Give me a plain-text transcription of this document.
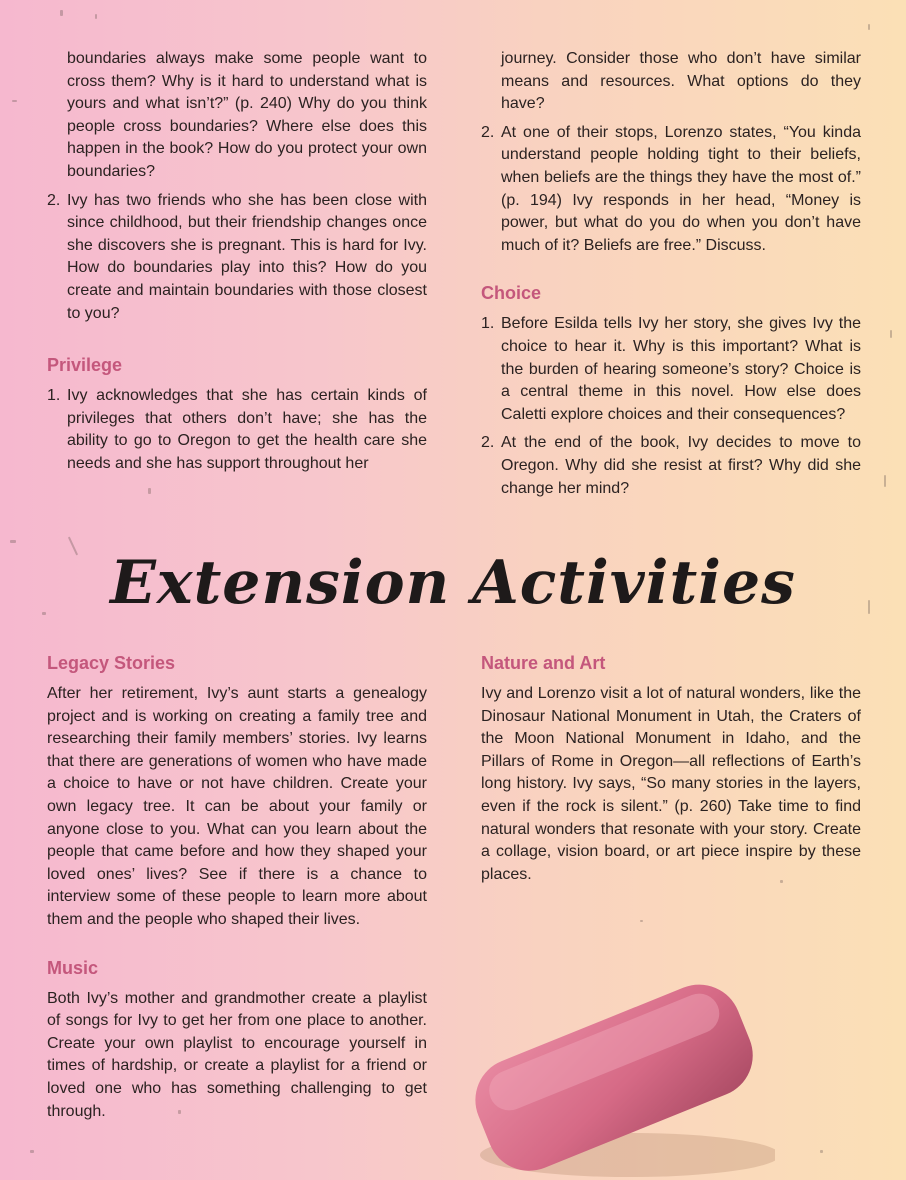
boundaries always make some people want to cross them? Why is it hard to understand what is yours and what isn’t?” (p. 240) Why do you think people cross boundaries? Where else does this happen in the book? How do you protect your own boundaries?

2. Ivy has two friends who she has been close with since childhood, but their friendship changes once she discovers she is pregnant. This is hard for Ivy. How do boundaries play into this? How do you create and maintain boundaries with those closest to you?
Privilege
1. Ivy acknowledges that she has certain kinds of privileges that others don’t have; she has the ability to go to Oregon to get the health care she needs and she has support throughout her

journey. Consider those who don’t have similar means and resources. What options do they have?

2. At one of their stops, Lorenzo states, “You kinda understand people holding tight to their beliefs, when beliefs are the things they have the most of.” (p. 194) Ivy responds in her head, “Money is power, but what do you do when you don’t have much of it? Beliefs are free.” Discuss.
Choice
1. Before Esilda tells Ivy her story, she gives Ivy the choice to hear it. Why is this important? What is the burden of hearing someone’s story? Choice is a central theme in this novel. How else does Caletti explore choices and their consequences?
2. At the end of the book, Ivy decides to move to Oregon. Why did she resist at first? Why did she change her mind?
Extension Activities
Legacy Stories

After her retirement, Ivy’s aunt starts a genealogy project and is working on creating a family tree and researching their family members’ stories. Ivy learns that there are generations of women who have made a choice to have or not have children. Create your own legacy tree. It can be about your family or anyone close to you. What can you learn about the people that came before and how they shaped your loved ones’ lives? See if there is a chance to interview some of these people to learn more about them and the people who shaped their lives.

Music

Both Ivy’s mother and grandmother create a playlist of songs for Ivy to get her from one place to another. Create your own playlist to encourage yourself in times of hardship, or create a playlist for a friend or loved one who has something challenging to get through.

Nature and Art

Ivy and Lorenzo visit a lot of natural wonders, like the Dinosaur National Monument in Utah, the Craters of the Moon National Monument in Idaho, and the Pillars of Rome in Oregon—all reflections of Earth’s long history. Ivy says, “So many stories in the layers, even if the rock is silent.” (p. 260) Take time to find natural wonders that resonate with your story. Create a collage, vision board, or art piece inspire by these places.
